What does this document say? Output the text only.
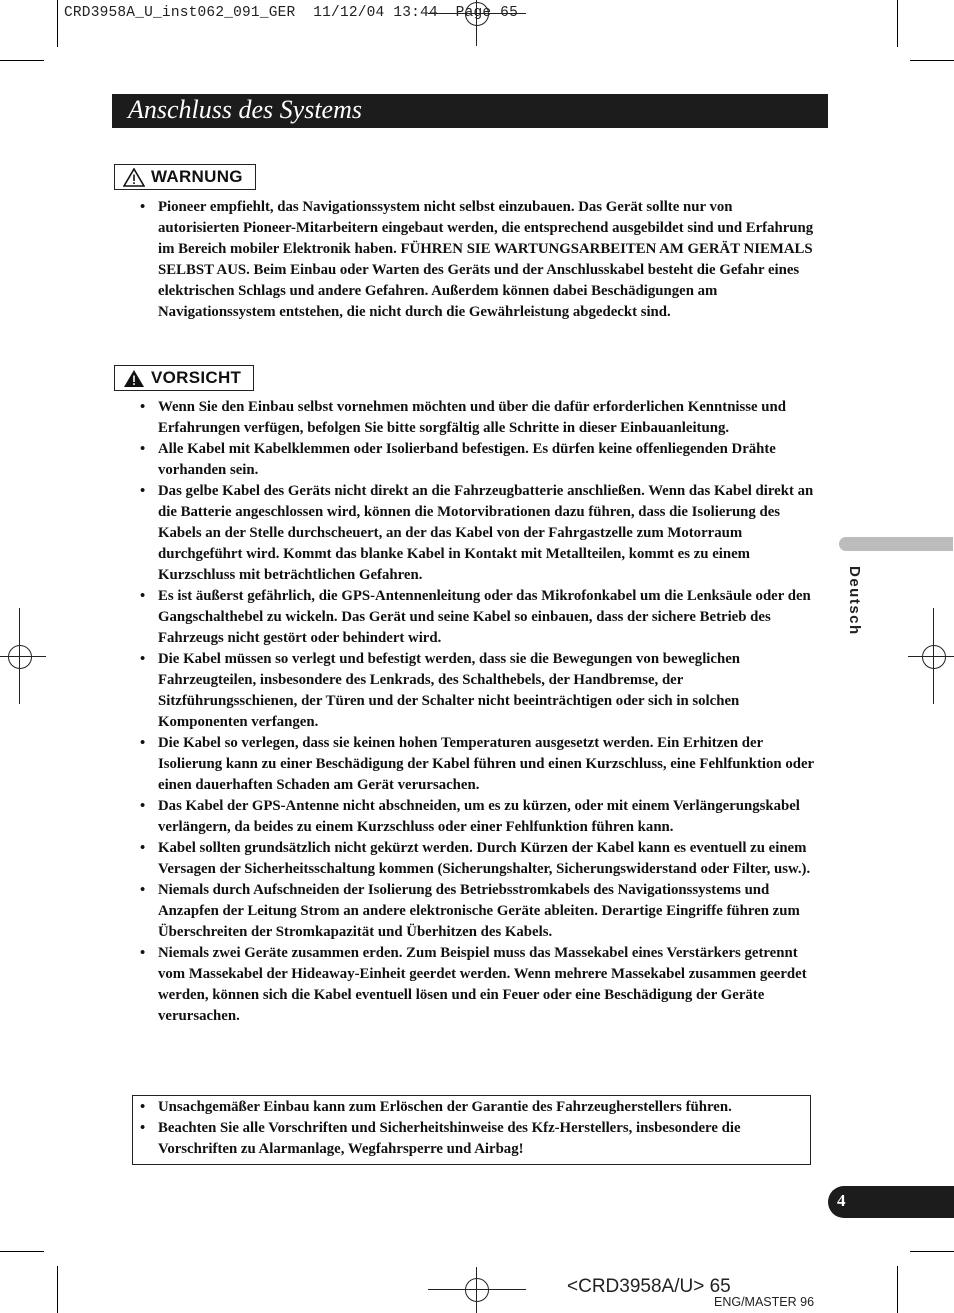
CRD3958A_U_inst062_091_GER  11/12/04 13:44  Page 65
Anschluss des Systems
WARNUNG
• Pioneer empfiehlt, das Navigationssystem nicht selbst einzubauen. Das Gerät sollte nur von autorisierten Pioneer-Mitarbeitern eingebaut werden, die entsprechend ausgebildet sind und Erfahrung im Bereich mobiler Elektronik haben. FÜHREN SIE WARTUNGSARBEITEN AM GERÄT NIEMALS SELBST AUS. Beim Einbau oder Warten des Geräts und der Anschlusskabel besteht die Gefahr eines elektrischen Schlags und andere Gefahren. Außerdem können dabei Beschädigungen am Navigationssystem entstehen, die nicht durch die Gewährleistung abgedeckt sind.
VORSICHT
• Wenn Sie den Einbau selbst vornehmen möchten und über die dafür erforderlichen Kenntnisse und Erfahrungen verfügen, befolgen Sie bitte sorgfältig alle Schritte in dieser Einbauanleitung.
• Alle Kabel mit Kabelklemmen oder Isolierband befestigen. Es dürfen keine offenliegenden Drähte vorhanden sein.
• Das gelbe Kabel des Geräts nicht direkt an die Fahrzeugbatterie anschließen. Wenn das Kabel direkt an die Batterie angeschlossen wird, können die Motorvibrationen dazu führen, dass die Isolierung des Kabels an der Stelle durchscheuert, an der das Kabel von der Fahrgastzelle zum Motorraum durchgeführt wird. Kommt das blanke Kabel in Kontakt mit Metallteilen, kommt es zu einem Kurzschluss mit beträchtlichen Gefahren.
• Es ist äußerst gefährlich, die GPS-Antennenleitung oder das Mikrofonkabel um die Lenksäule oder den Gangschalthebel zu wickeln. Das Gerät und seine Kabel so einbauen, dass der sichere Betrieb des Fahrzeugs nicht gestört oder behindert wird.
• Die Kabel müssen so verlegt und befestigt werden, dass sie die Bewegungen von beweglichen Fahrzeugteilen, insbesondere des Lenkrads, des Schalthebels, der Handbremse, der Sitzführungsschienen, der Türen und der Schalter nicht beeinträchtigen oder sich in solchen Komponenten verfangen.
• Die Kabel so verlegen, dass sie keinen hohen Temperaturen ausgesetzt werden. Ein Erhitzen der Isolierung kann zu einer Beschädigung der Kabel führen und einen Kurzschluss, eine Fehlfunktion oder einen dauerhaften Schaden am Gerät verursachen.
• Das Kabel der GPS-Antenne nicht abschneiden, um es zu kürzen, oder mit einem Verlängerungskabel verlängern, da beides zu einem Kurzschluss oder einer Fehlfunktion führen kann.
• Kabel sollten grundsätzlich nicht gekürzt werden. Durch Kürzen der Kabel kann es eventuell zu einem Versagen der Sicherheitsschaltung kommen (Sicherungshalter, Sicherungswiderstand oder Filter, usw.).
• Niemals durch Aufschneiden der Isolierung des Betriebsstromkabels des Navigationssystems und Anzapfen der Leitung Strom an andere elektronische Geräte ableiten. Derartige Eingriffe führen zum Überschreiten der Stromkapazität und Überhitzen des Kabels.
• Niemals zwei Geräte zusammen erden. Zum Beispiel muss das Massekabel eines Verstärkers getrennt vom Massekabel der Hideaway-Einheit geerdet werden. Wenn mehrere Massekabel zusammen geerdet werden, können sich die Kabel eventuell lösen und ein Feuer oder eine Beschädigung der Geräte verursachen.
• Unsachgemäßer Einbau kann zum Erlöschen der Garantie des Fahrzeugherstellers führen.
• Beachten Sie alle Vorschriften und Sicherheitshinweise des Kfz-Herstellers, insbesondere die Vorschriften zu Alarmanlage, Wegfahrsperre und Airbag!
Deutsch
4
<CRD3958A/U> 65
ENG/MASTER 96
